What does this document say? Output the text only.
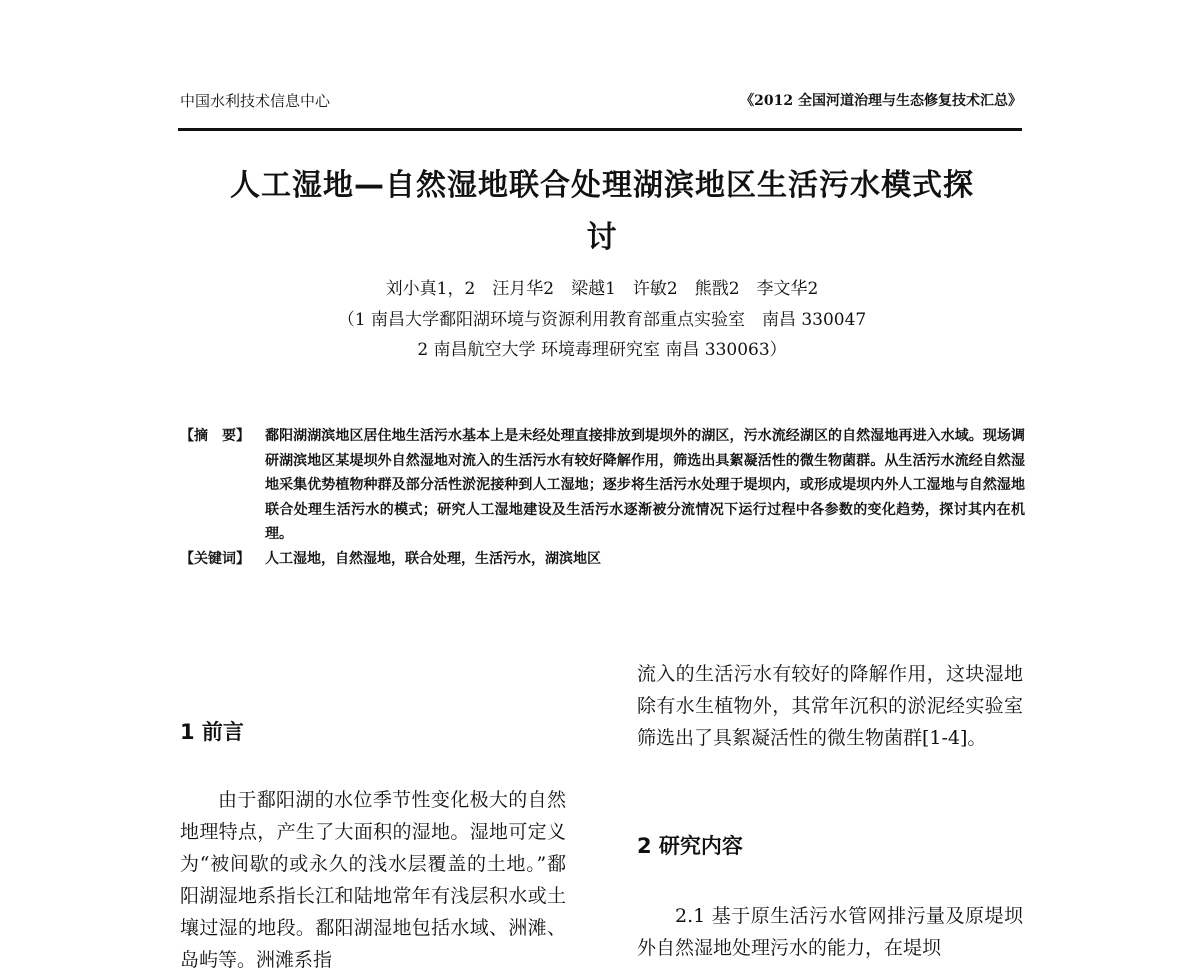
中国水利技术信息中心	《2012 全国河道治理与生态修复技术汇总》
人工湿地—自然湿地联合处理湖滨地区生活污水模式探
讨
刘小真1，2　汪月华2　梁越1　许敏2　熊戬2　李文华2
（1 南昌大学鄱阳湖环境与资源利用教育部重点实验室　南昌 330047
2 南昌航空大学 环境毒理研究室 南昌 330063）
【摘　要】	鄱阳湖湖滨地区居住地生活污水基本上是未经处理直接排放到堤坝外的湖区，污水流经湖区的自然湿地再进入水域。现场调研湖滨地区某堤坝外自然湿地对流入的生活污水有较好降解作用，筛选出具絮凝活性的微生物菌群。从生活污水流经自然湿地采集优势植物种群及部分活性淤泥接种到人工湿地；逐步将生活污水处理于堤坝内，或形成堤坝内外人工湿地与自然湿地联合处理生活污水的模式；研究人工湿地建设及生活污水逐渐被分流情况下运行过程中各参数的变化趋势，探讨其内在机理。
【关键词】	人工湿地，自然湿地，联合处理，生活污水，湖滨地区
1 前言
由于鄱阳湖的水位季节性变化极大的自然地理特点，产生了大面积的湿地。湿地可定义为“被间歇的或永久的浅水层覆盖的土地。”鄱阳湖湿地系指长江和陆地常年有浅层积水或土壤过湿的地段。鄱阳湖湿地包括水域、洲滩、岛屿等。洲滩系指
流入的生活污水有较好的降解作用，这块湿地除有水生植物外，其常年沉积的淤泥经实验室筛选出了具絮凝活性的微生物菌群[1-4]。
2 研究内容
2.1 基于原生活污水管网排污量及原堤坝外自然湿地处理污水的能力，在堤坝
